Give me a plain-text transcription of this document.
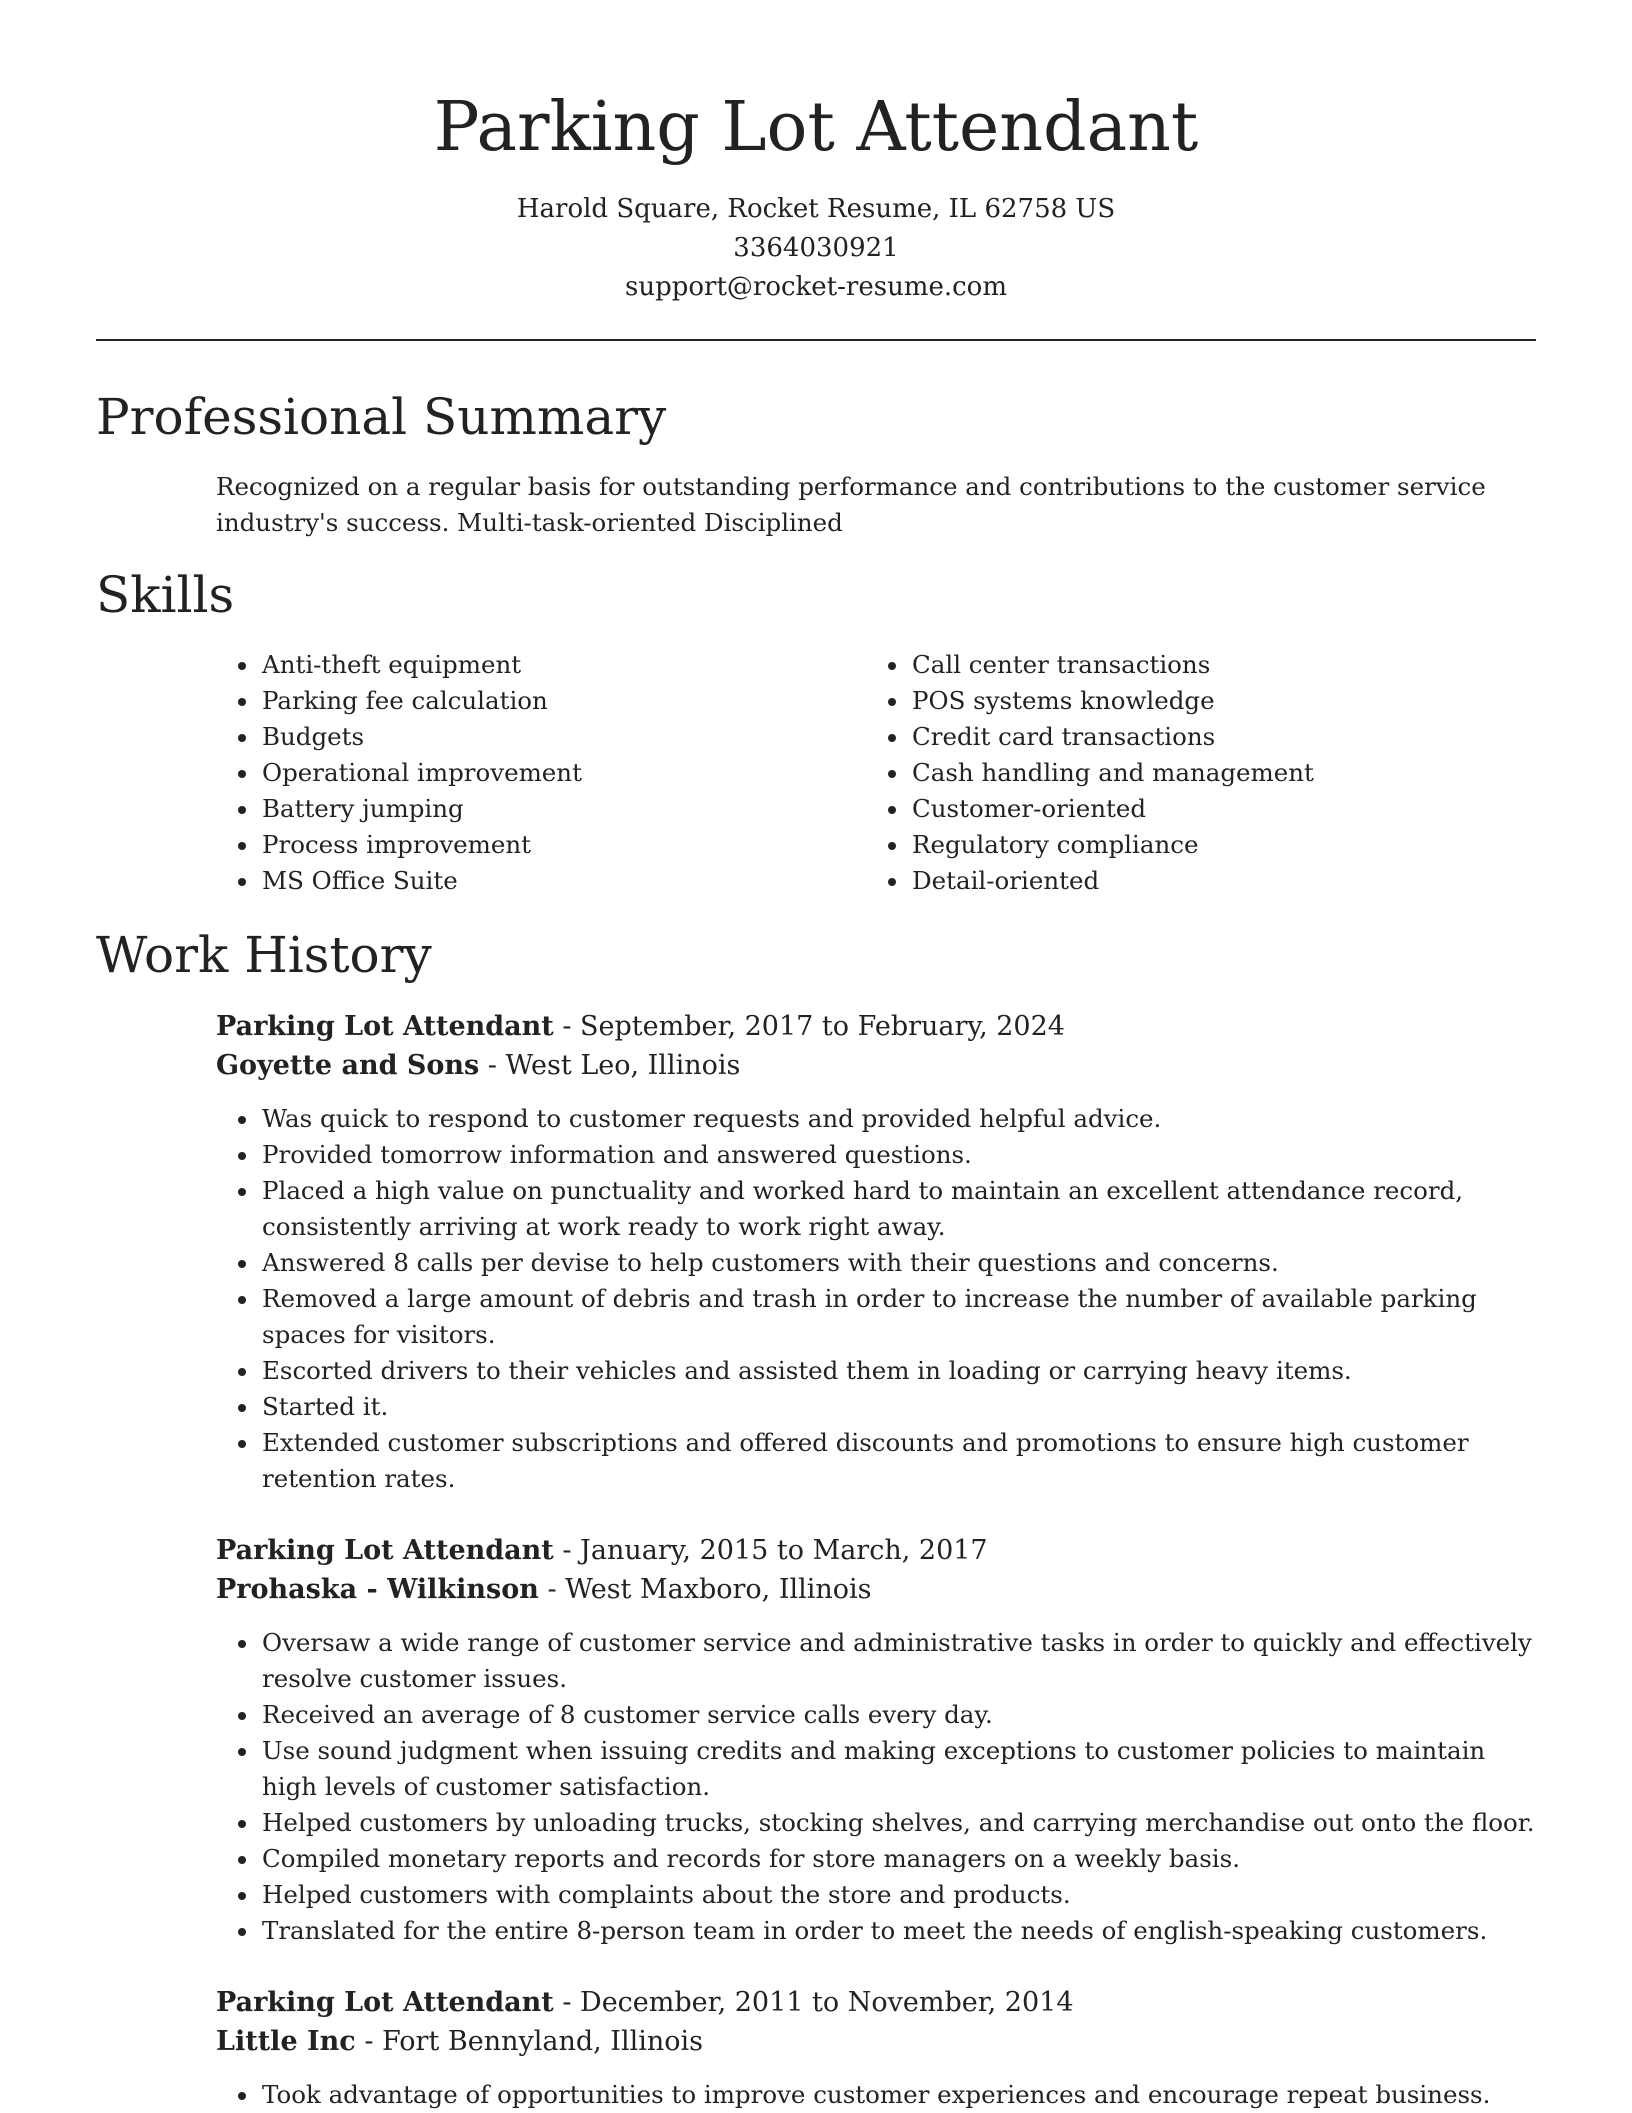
Parking Lot Attendant
Harold Square, Rocket Resume, IL 62758 US
3364030921
support@rocket-resume.com
Professional Summary
Recognized on a regular basis for outstanding performance and contributions to the customer service industry's success. Multi-task-oriented Disciplined
Skills
• Anti-theft equipment
• Parking fee calculation
• Budgets
• Operational improvement
• Battery jumping
• Process improvement
• MS Office Suite
• Call center transactions
• POS systems knowledge
• Credit card transactions
• Cash handling and management
• Customer-oriented
• Regulatory compliance
• Detail-oriented
Work History
Parking Lot Attendant - September, 2017 to February, 2024
Goyette and Sons - West Leo, Illinois
• Was quick to respond to customer requests and provided helpful advice.
• Provided tomorrow information and answered questions.
• Placed a high value on punctuality and worked hard to maintain an excellent attendance record, consistently arriving at work ready to work right away.
• Answered 8 calls per devise to help customers with their questions and concerns.
• Removed a large amount of debris and trash in order to increase the number of available parking spaces for visitors.
• Escorted drivers to their vehicles and assisted them in loading or carrying heavy items.
• Started it.
• Extended customer subscriptions and offered discounts and promotions to ensure high customer retention rates.
Parking Lot Attendant - January, 2015 to March, 2017
Prohaska - Wilkinson - West Maxboro, Illinois
• Oversaw a wide range of customer service and administrative tasks in order to quickly and effectively resolve customer issues.
• Received an average of 8 customer service calls every day.
• Use sound judgment when issuing credits and making exceptions to customer policies to maintain high levels of customer satisfaction.
• Helped customers by unloading trucks, stocking shelves, and carrying merchandise out onto the floor.
• Compiled monetary reports and records for store managers on a weekly basis.
• Helped customers with complaints about the store and products.
• Translated for the entire 8-person team in order to meet the needs of english-speaking customers.
Parking Lot Attendant - December, 2011 to November, 2014
Little Inc - Fort Bennyland, Illinois
• Took advantage of opportunities to improve customer experiences and encourage repeat business.
